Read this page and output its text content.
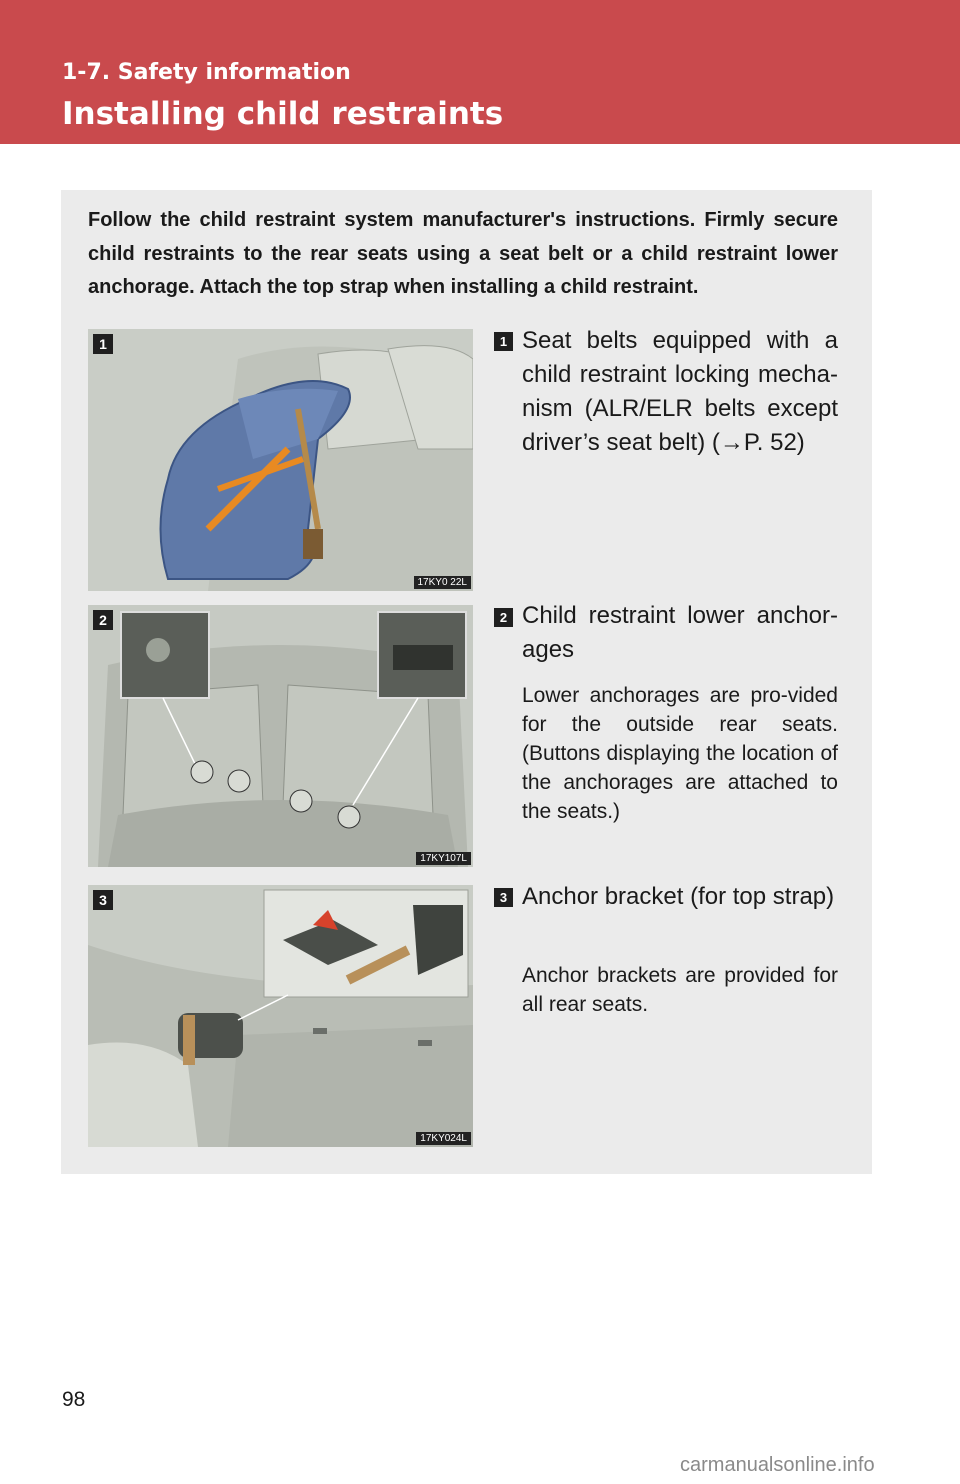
1-7. Safety information
Installing child restraints
Follow the child restraint system manufacturer's instructions. Firmly secure child restraints to the rear seats using a seat belt or a child restraint lower anchorage. Attach the top strap when installing a child restraint.
1
17KY0 22L
2
17KY107L
3
17KY024L
1 Seat belts equipped with a child restraint locking mecha-nism (ALR/ELR belts except driver’s seat belt) (→P. 52)
2 Child restraint lower anchor-ages
Lower anchorages are pro-vided for the outside rear seats. (Buttons displaying the location of the anchorages are attached to the seats.)
3 Anchor bracket (for top strap)
Anchor brackets are provided for all rear seats.
98
carmanualsonline.info
